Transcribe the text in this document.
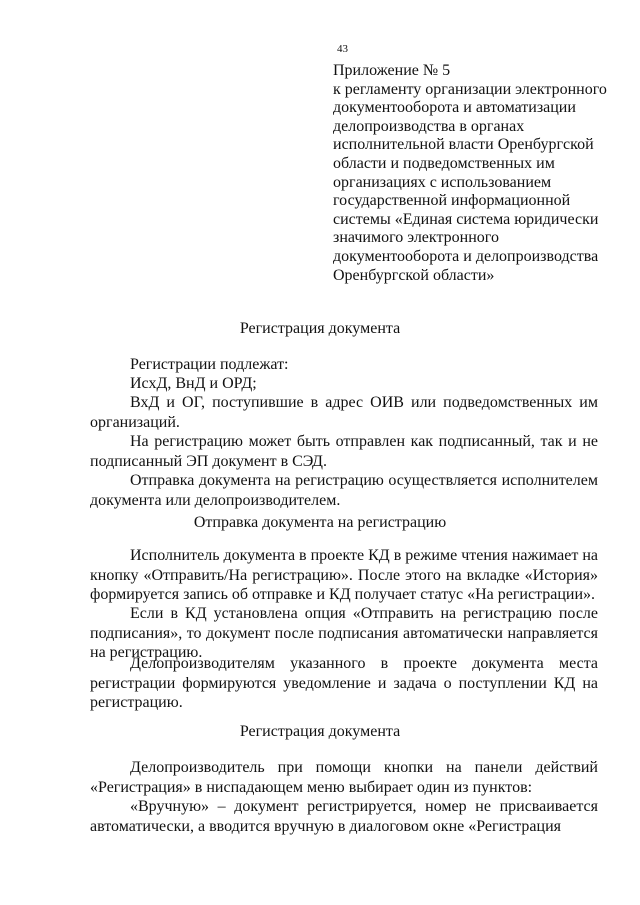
43
Приложение № 5
к регламенту организации электронного
документооборота и автоматизации
делопроизводства в органах
исполнительной власти Оренбургской
области и подведомственных им
организациях с использованием
государственной информационной
системы «Единая система юридически
значимого электронного
документооборота и делопроизводства
Оренбургской области»
Регистрация документа
Регистрации подлежат:
ИсхД, ВнД и ОРД;
ВхД и ОГ, поступившие в адрес ОИВ или подведомственных им организаций.
На регистрацию может быть отправлен как подписанный, так и не подписанный ЭП документ в СЭД.
Отправка документа на регистрацию осуществляется исполнителем документа или делопроизводителем.
Отправка документа на регистрацию
Исполнитель документа в проекте КД в режиме чтения нажимает на кнопку «Отправить/На регистрацию». После этого на вкладке «История» формируется запись об отправке и КД получает статус «На регистрации».
Если в КД установлена опция «Отправить на регистрацию после подписания», то документ после подписания автоматически направляется на регистрацию.
Делопроизводителям указанного в проекте документа места регистрации формируются уведомление и задача о поступлении КД на регистрацию.
Регистрация документа
Делопроизводитель при помощи кнопки на панели действий «Регистрация» в ниспадающем меню выбирает один из пунктов:
«Вручную» – документ регистрируется, номер не присваивается автоматически, а вводится вручную в диалоговом окне «Регистрация
